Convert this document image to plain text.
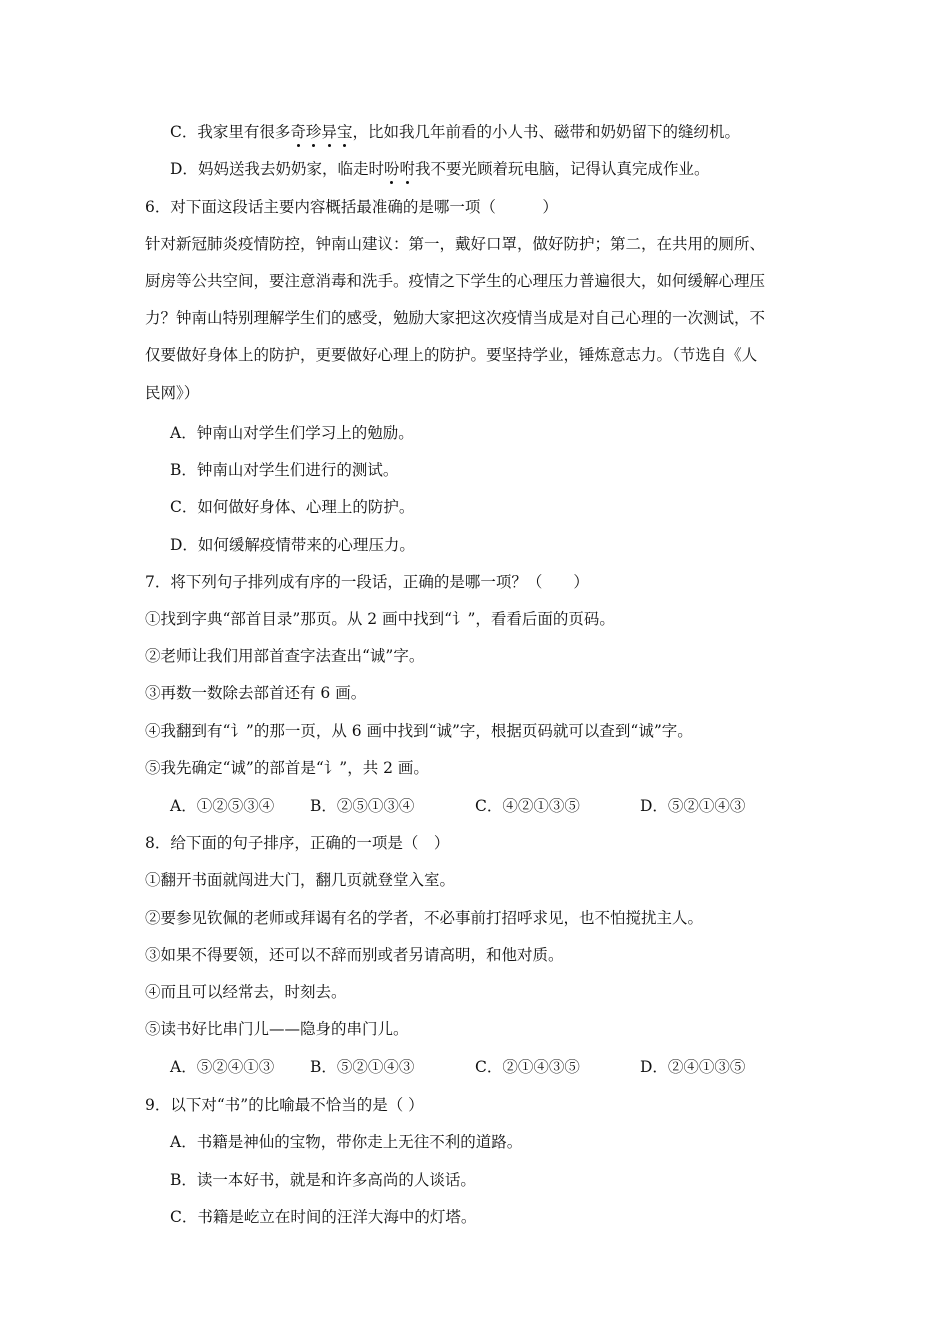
C．我家里有很多奇珍异宝，比如我几年前看的小人书、磁带和奶奶留下的缝纫机。
D．妈妈送我去奶奶家，临走时吩咐我不要光顾着玩电脑，记得认真完成作业。
6．对下面这段话主要内容概括最准确的是哪一项（　　　）
针对新冠肺炎疫情防控，钟南山建议：第一，戴好口罩，做好防护；第二，在共用的厕所、
厨房等公共空间，要注意消毒和洗手。疫情之下学生的心理压力普遍很大，如何缓解心理压
力？钟南山特别理解学生们的感受，勉励大家把这次疫情当成是对自己心理的一次测试，不
仅要做好身体上的防护，更要做好心理上的防护。要坚持学业，锤炼意志力。（节选自《人
民网》）
A．钟南山对学生们学习上的勉励。
B．钟南山对学生们进行的测试。
C．如何做好身体、心理上的防护。
D．如何缓解疫情带来的心理压力。
7．将下列句子排列成有序的一段话，正确的是哪一项？（　　）
①找到字典“部首目录”那页。从 2 画中找到“讠”，看看后面的页码。
②老师让我们用部首查字法查出“诚”字。
③再数一数除去部首还有 6 画。
④我翻到有“讠”的那一页，从 6 画中找到“诚”字，根据页码就可以查到“诚”字。
⑤我先确定“诚”的部首是“讠”，共 2 画。
A．①②⑤③④ B．②⑤①③④	C．④②①③⑤	D．⑤②①④③
8．给下面的句子排序，正确的一项是（　）
①翻开书面就闯进大门，翻几页就登堂入室。
②要参见钦佩的老师或拜谒有名的学者，不必事前打招呼求见，也不怕搅扰主人。
③如果不得要领，还可以不辞而别或者另请高明，和他对质。
④而且可以经常去，时刻去。
⑤读书好比串门儿——隐身的串门儿。
A．⑤②④①③ B．⑤②①④③	C．②①④③⑤	D．②④①③⑤
9．以下对“书”的比喻最不恰当的是（ ）
A．书籍是神仙的宝物，带你走上无往不利的道路。
B．读一本好书，就是和许多高尚的人谈话。
C．书籍是屹立在时间的汪洋大海中的灯塔。
